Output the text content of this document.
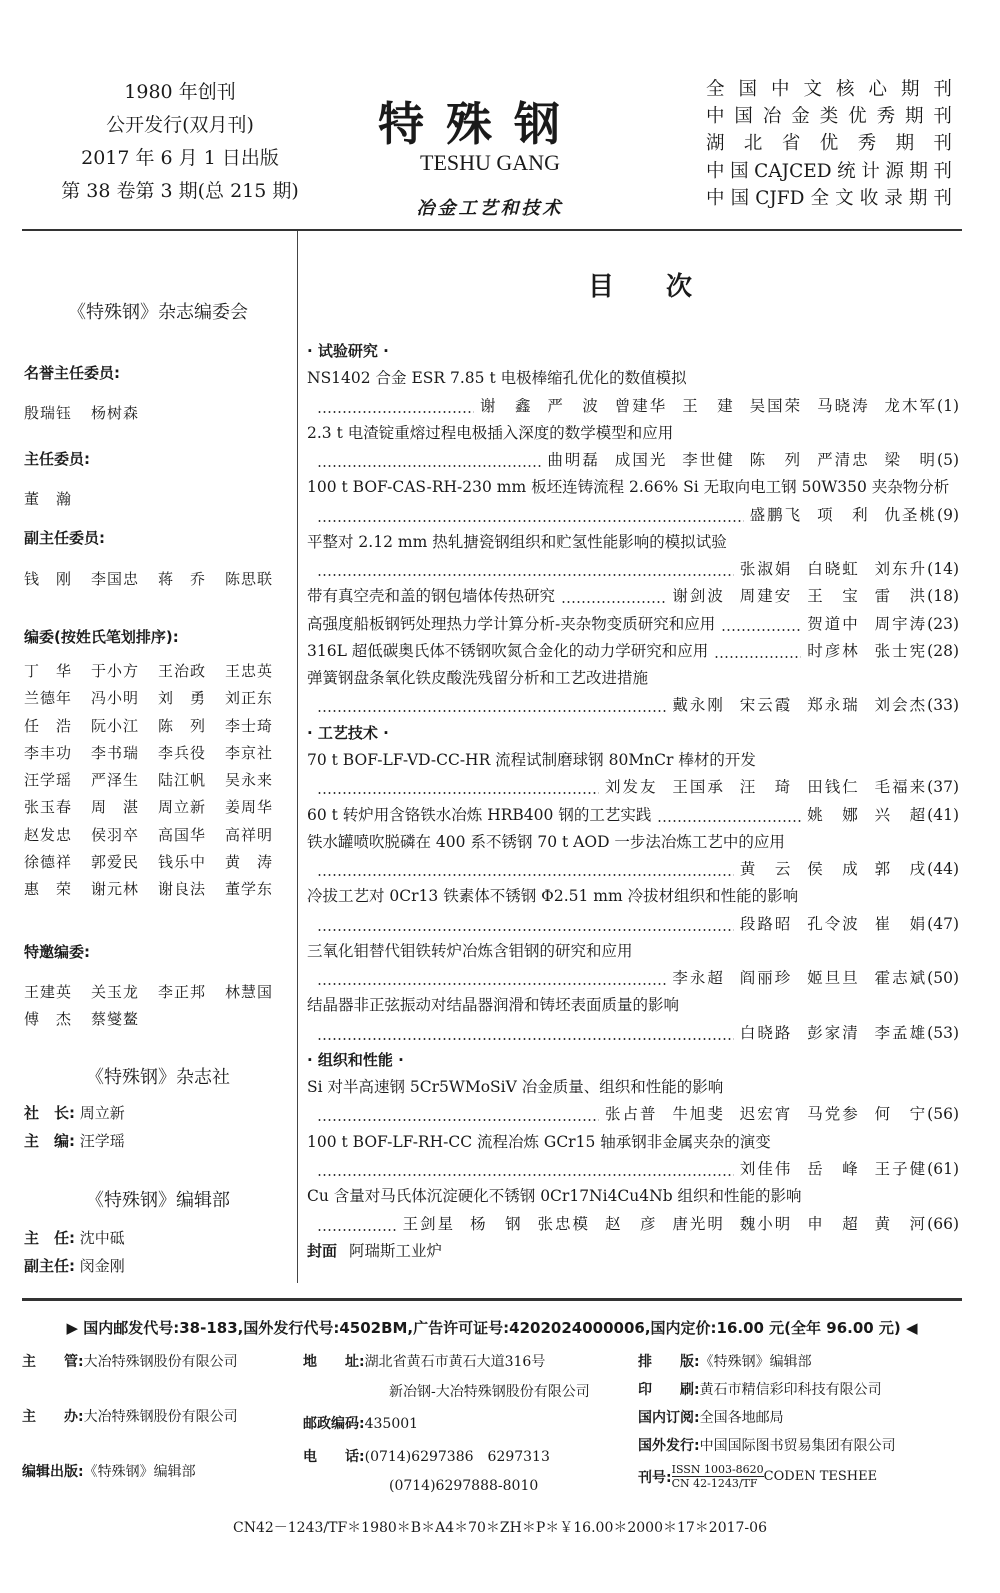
1980 年创刊
公开发行(双月刊)
2017 年 6 月 1 日出版
第 38 卷第 3 期(总 215 期)
特殊钢
TESHU GANG
冶金工艺和技术
全国中文核心期刊
中国冶金类优秀期刊
湖北省优秀期刊
中国CAJCED统计源期刊
中国CJFD全文收录期刊
《特殊钢》杂志编委会
名誉主任委员:
殷瑞钰	杨树森
主任委员:
董　瀚
副主任委员:
钱　刚	李国忠	蒋　乔	陈思联
编委(按姓氏笔划排序):
丁　华	于小方	王治政	王忠英
兰德年	冯小明	刘　勇	刘正东
任　浩	阮小江	陈　列	李士琦
李丰功	李书瑞	李兵役	李京社
汪学瑶	严泽生	陆江帆	吴永来
张玉春	周　湛	周立新	姜周华
赵发忠	侯羽卒	高国华	高祥明
徐德祥	郭爱民	钱乐中	黄　涛
惠　荣	谢元林	谢良法	董学东
特邀编委:
王建英	关玉龙	李正邦	林慧国
傅　杰	蔡燮鳌
《特殊钢》杂志社
社　长: 周立新
主　编: 汪学瑶
《特殊钢》编辑部
主　任: 沈中砥
副主任: 闵金刚
目　　次
· 试验研究 ·
NS1402 合金 ESR 7.85 t 电极棒缩孔优化的数值模拟
谢　鑫 严　波 曾建华 王　建 吴国荣 马晓涛 龙木军 (1)
2.3 t 电渣锭重熔过程电极插入深度的数学模型和应用
曲明磊 成国光 李世健 陈　列 严清忠 梁　明 (5)
100 t BOF-CAS-RH-230 mm 板坯连铸流程 2.66% Si 无取向电工钢 50W350 夹杂物分析
盛鹏飞 项　利 仇圣桃 (9)
平整对 2.12 mm 热轧搪瓷钢组织和贮氢性能影响的模拟试验
张淑娟 白晓虹 刘东升 (14)
带有真空壳和盖的钢包墙体传热研究	谢剑波 周建安 王　宝 雷　洪 (18)
高强度船板钢钙处理热力学计算分析-夹杂物变质研究和应用	贺道中 周宇涛 (23)
316L 超低碳奥氏体不锈钢吹氮合金化的动力学研究和应用	时彦林 张士宪 (28)
弹簧钢盘条氧化铁皮酸洗残留分析和工艺改进措施
戴永刚 宋云霞 郑永瑞 刘会杰 (33)
· 工艺技术 ·
70 t BOF-LF-VD-CC-HR 流程试制磨球钢 80MnCr 棒材的开发
刘发友 王国承 汪　琦 田钱仁 毛福来 (37)
60 t 转炉用含铬铁水冶炼 HRB400 钢的工艺实践	姚　娜 兴　超 (41)
铁水罐喷吹脱磷在 400 系不锈钢 70 t AOD 一步法冶炼工艺中的应用
黄　云 侯　成 郭　戌 (44)
冷拔工艺对 0Cr13 铁素体不锈钢 Φ2.51 mm 冷拔材组织和性能的影响
段路昭 孔令波 崔　娟 (47)
三氧化钼替代钼铁转炉冶炼含钼钢的研究和应用
李永超 阎丽珍 姬旦旦 霍志斌 (50)
结晶器非正弦振动对结晶器润滑和铸坯表面质量的影响
白晓路 彭家清 李孟雄 (53)
· 组织和性能 ·
Si 对半高速钢 5Cr5WMoSiV 冶金质量、组织和性能的影响
张占普 牛旭斐 迟宏宵 马党参 何　宁 (56)
100 t BOF-LF-RH-CC 流程冶炼 GCr15 轴承钢非金属夹杂的演变
刘佳伟 岳　峰 王子健 (61)
Cu 含量对马氏体沉淀硬化不锈钢 0Cr17Ni4Cu4Nb 组织和性能的影响
王剑星 杨　钢 张忠模 赵　彦 唐光明 魏小明 申　超 黄　河 (66)
封面 阿瑞斯工业炉
▶ 国内邮发代号:38-183,国外发行代号:4502BM,广告许可证号:4202024000006,国内定价:16.00 元(全年 96.00 元) ◀
主　　管:大冶特殊钢股份有限公司
主　　办:大冶特殊钢股份有限公司
编辑出版:《特殊钢》编辑部
地　　址:湖北省黄石市黄石大道316号
新冶钢-大冶特殊钢股份有限公司
邮政编码:435001
电　　话:(0714)6297386　6297313
(0714)6297888-8010
排　　版:《特殊钢》编辑部
印　　刷:黄石市精信彩印科技有限公司
国内订阅:全国各地邮局
国外发行:中国国际图书贸易集团有限公司
刊号: ISSN 1003-8620
CN 42-1243/TF CODEN TESHEE
CN42－1243/TF＊1980＊B＊A4＊70＊ZH＊P＊￥16.00＊2000＊17＊2017-06
